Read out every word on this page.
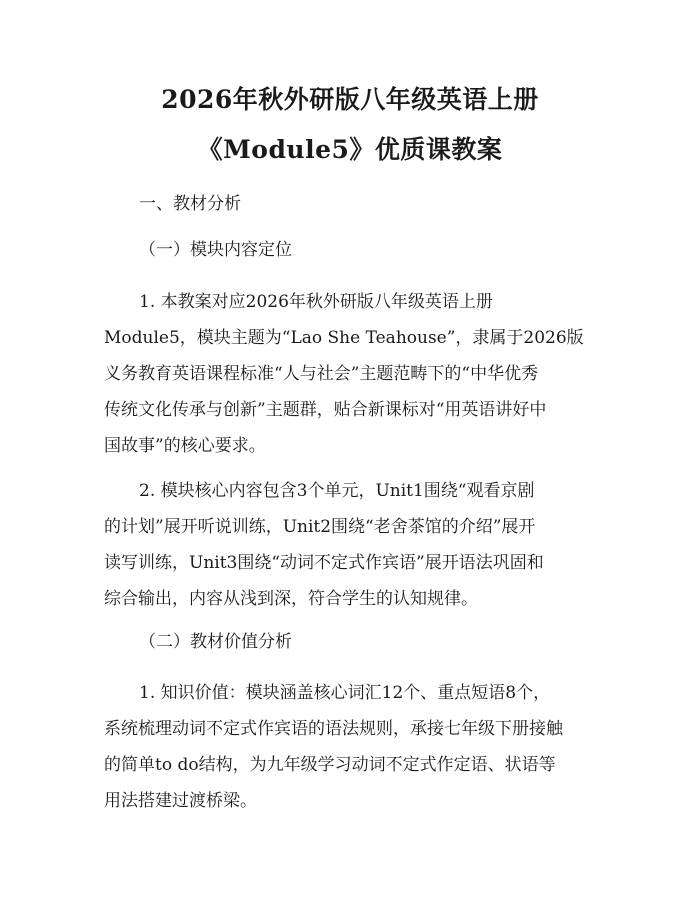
2026年秋外研版八年级英语上册
《Module5》优质课教案
一、教材分析
（一）模块内容定位
1. 本教案对应2026年秋外研版八年级英语上册
Module5，模块主题为“Lao She Teahouse”，隶属于2026版
义务教育英语课程标准“人与社会”主题范畴下的“中华优秀
传统文化传承与创新”主题群，贴合新课标对“用英语讲好中
国故事”的核心要求。
2. 模块核心内容包含3个单元，Unit1围绕“观看京剧
的计划”展开听说训练，Unit2围绕“老舍茶馆的介绍”展开
读写训练，Unit3围绕“动词不定式作宾语”展开语法巩固和
综合输出，内容从浅到深，符合学生的认知规律。
（二）教材价值分析
1. 知识价值：模块涵盖核心词汇12个、重点短语8个，
系统梳理动词不定式作宾语的语法规则，承接七年级下册接触
的简单to do结构，为九年级学习动词不定式作定语、状语等
用法搭建过渡桥梁。
